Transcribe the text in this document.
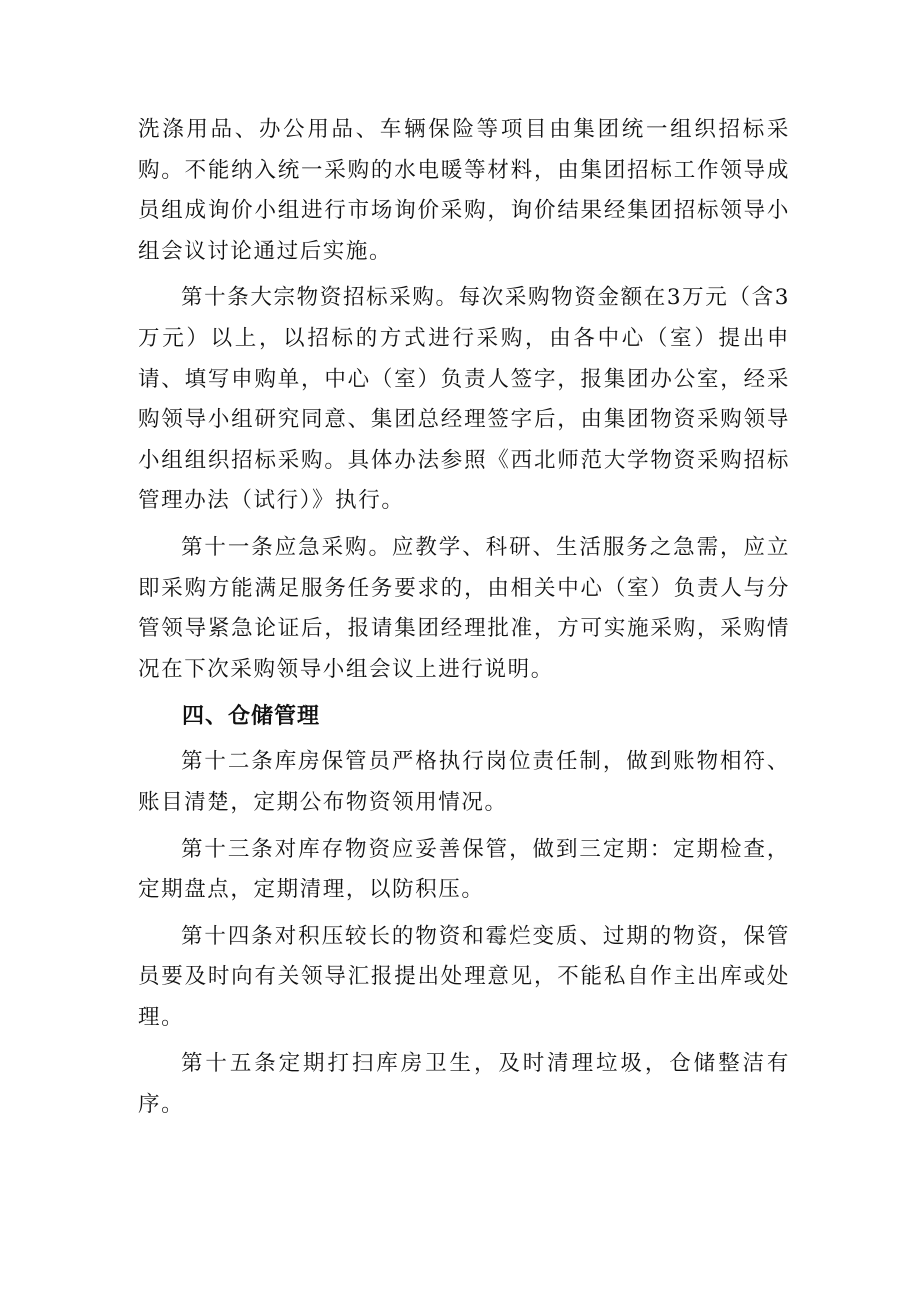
洗涤用品、办公用品、车辆保险等项目由集团统一组织招标采购。不能纳入统一采购的水电暖等材料，由集团招标工作领导成员组成询价小组进行市场询价采购，询价结果经集团招标领导小组会议讨论通过后实施。

第十条大宗物资招标采购。每次采购物资金额在3万元（含3万元）以上，以招标的方式进行采购，由各中心（室）提出申请、填写申购单，中心（室）负责人签字，报集团办公室，经采购领导小组研究同意、集团总经理签字后，由集团物资采购领导小组组织招标采购。具体办法参照《西北师范大学物资采购招标管理办法（试行）》执行。

第十一条应急采购。应教学、科研、生活服务之急需，应立即采购方能满足服务任务要求的，由相关中心（室）负责人与分管领导紧急论证后，报请集团经理批准，方可实施采购，采购情况在下次采购领导小组会议上进行说明。

四、仓储管理

第十二条库房保管员严格执行岗位责任制，做到账物相符、账目清楚，定期公布物资领用情况。

第十三条对库存物资应妥善保管，做到三定期：定期检查，定期盘点，定期清理，以防积压。

第十四条对积压较长的物资和霉烂变质、过期的物资，保管员要及时向有关领导汇报提出处理意见，不能私自作主出库或处理。

第十五条定期打扫库房卫生，及时清理垃圾，仓储整洁有序。
